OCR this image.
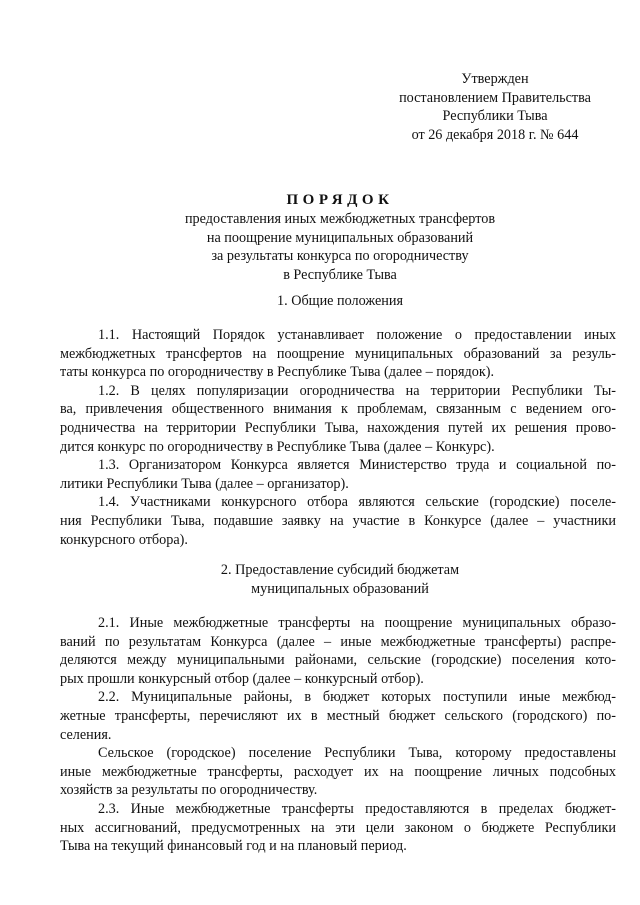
Утвержден
постановлением Правительства
Республики Тыва
от 26 декабря 2018 г. № 644
ПОРЯДОК
предоставления иных межбюджетных трансфертов
на поощрение муниципальных образований
за результаты конкурса по огородничеству
в Республике Тыва
1. Общие положения
1.1. Настоящий Порядок устанавливает положение о предоставлении иных
межбюджетных трансфертов на поощрение муниципальных образований за резуль-
таты конкурса по огородничеству в Республике Тыва (далее – порядок).
1.2. В целях популяризации огородничества на территории Республики Ты-
ва, привлечения общественного внимания к проблемам, связанным с ведением ого-
родничества на территории Республики Тыва, нахождения путей их решения прово-
дится конкурс по огородничеству в Республике Тыва (далее – Конкурс).
1.3. Организатором Конкурса является Министерство труда и социальной по-
литики Республики Тыва (далее – организатор).
1.4. Участниками конкурсного отбора являются сельские (городские) поселе-
ния Республики Тыва, подавшие заявку на участие в Конкурсе (далее – участники
конкурсного отбора).
2. Предоставление субсидий бюджетам
муниципальных образований
2.1. Иные межбюджетные трансферты на поощрение муниципальных образо-
ваний по результатам Конкурса (далее – иные межбюджетные трансферты) распре-
деляются между муниципальными районами, сельские (городские) поселения кото-
рых прошли конкурсный отбор (далее – конкурсный отбор).
2.2. Муниципальные районы, в бюджет которых поступили иные межбюд-
жетные трансферты, перечисляют их в местный бюджет сельского (городского) по-
селения.
Сельское (городское) поселение Республики Тыва, которому предоставлены
иные межбюджетные трансферты, расходует их на поощрение личных подсобных
хозяйств за результаты по огородничеству.
2.3. Иные межбюджетные трансферты предоставляются в пределах бюджет-
ных ассигнований, предусмотренных на эти цели законом о бюджете Республики
Тыва на текущий финансовый год и на плановый период.
